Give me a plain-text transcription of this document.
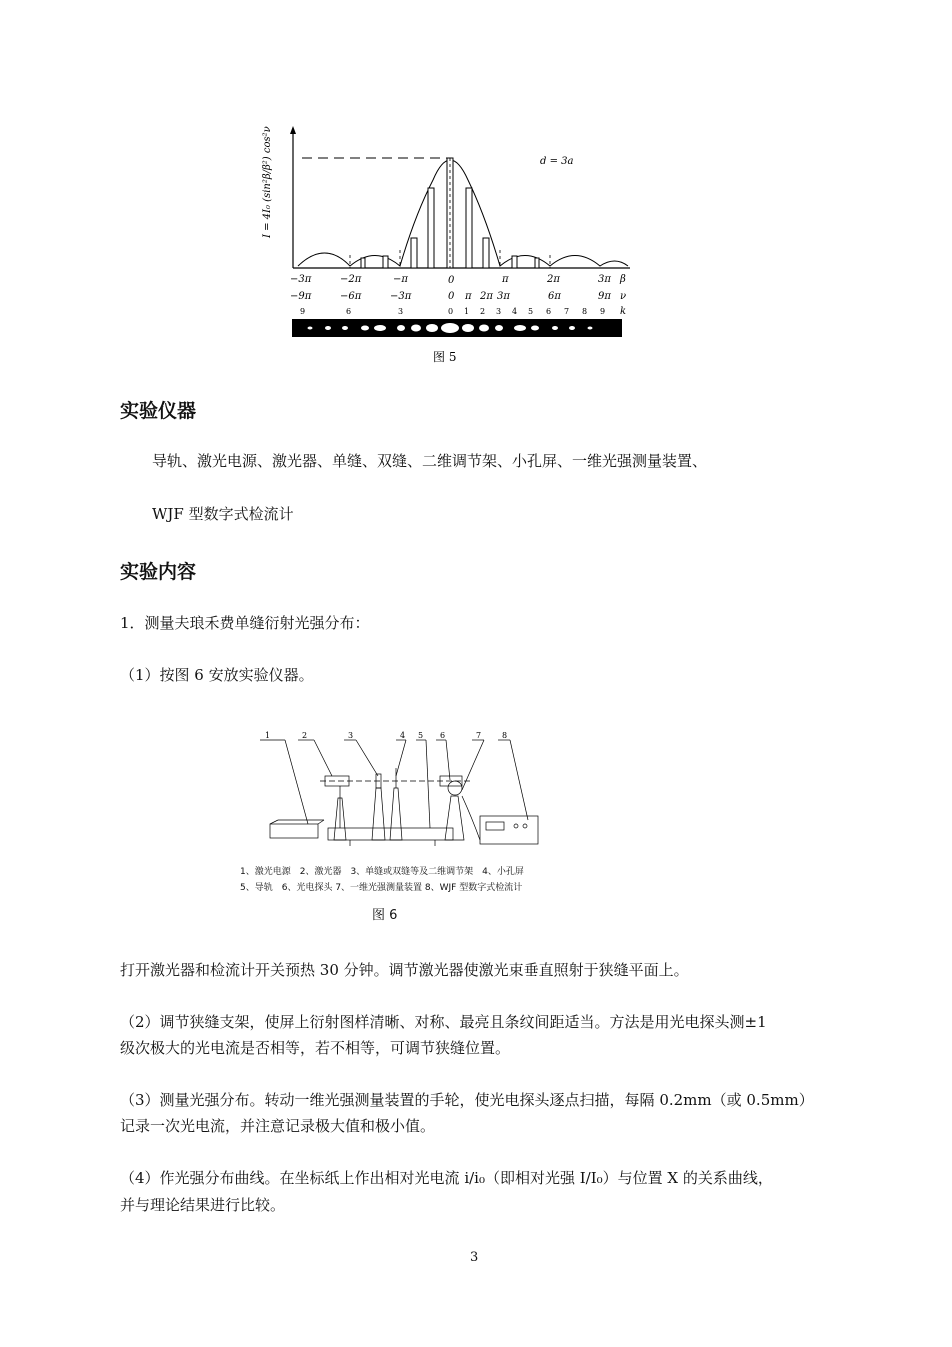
I = 4I₀ (sin²β/β²) cos²ν	d = 3a
−3π	−2π	−π	0	π	2π	3π β
−9π	−6π	−3π	0 π 2π 3π	6π	9π ν
9	6	3	0 1 2 3 4 5 6 7 8 9 k
图 5
实验仪器
导轨、激光电源、激光器、单缝、双缝、二维调节架、小孔屏、一维光强测量装置、
WJF 型数字式检流计
实验内容
1．测量夫琅禾费单缝衍射光强分布：
（1）按图 6 安放实验仪器。
1	2	3	4 5 6	7	8
1、激光电源　2、激光器　3、单缝或双缝等及二维调节架　4、小孔屏
5、导轨　6、光电探头 7、一维光强测量装置 8、WJF 型数字式检流计
图 6
打开激光器和检流计开关预热 30 分钟。调节激光器使激光束垂直照射于狭缝平面上。
（2）调节狭缝支架，使屏上衍射图样清晰、对称、最亮且条纹间距适当。方法是用光电探头测±1
级次极大的光电流是否相等，若不相等，可调节狭缝位置。
（3）测量光强分布。转动一维光强测量装置的手轮，使光电探头逐点扫描，每隔 0.2mm（或 0.5mm）
记录一次光电流，并注意记录极大值和极小值。
（4）作光强分布曲线。在坐标纸上作出相对光电流 i/i₀（即相对光强 I/I₀）与位置 X 的关系曲线，
并与理论结果进行比较。
3
